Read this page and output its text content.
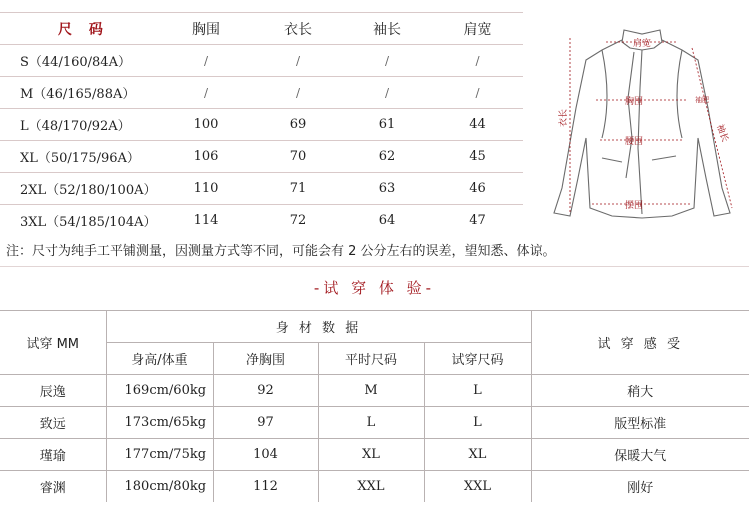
尺 码	胸围	衣长	袖长	肩宽
S（44/160/84A）	/	/	/	/
M（46/165/88A）	/	/	/	/
L（48/170/92A）	100	69	61	44
XL（50/175/96A）	106	70	62	45
2XL（52/180/100A）	110	71	63	46
3XL（54/185/104A）	114	72	64	47
肩宽
胸围
腰围
摆围
衣长
袖长
袖肥
注：尺寸为纯手工平铺测量，因测量方式等不同，可能会有 2 公分左右的误差，望知悉、体谅。
-试 穿 体 验-
试穿 MM	身 材 数 据				试 穿 感 受
	身高/体重	净胸围	平时尺码	试穿尺码	
辰逸	169cm/60kg	92	M	L	稍大
致远	173cm/65kg	97	L	L	版型标准
瑾瑜	177cm/75kg	104	XL	XL	保暖大气
睿渊	180cm/80kg	112	XXL	XXL	刚好
